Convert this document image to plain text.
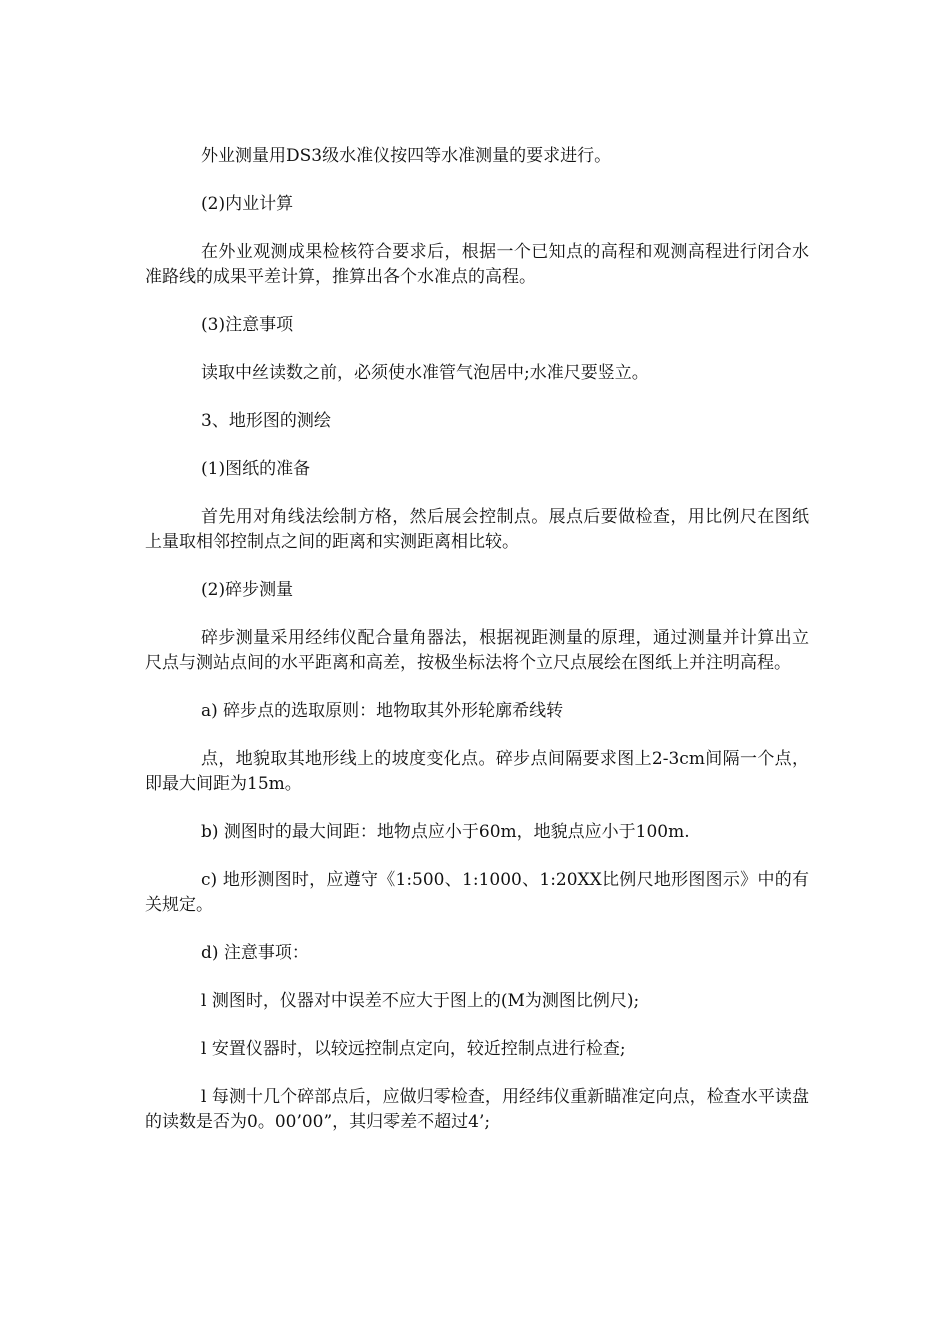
外业测量用DS3级水准仪按四等水准测量的要求进行。

(2)内业计算

在外业观测成果检核符合要求后，根据一个已知点的高程和观测高程进行闭合水准路线的成果平差计算，推算出各个水准点的高程。

(3)注意事项

读取中丝读数之前，必须使水准管气泡居中;水准尺要竖立。

3、地形图的测绘

(1)图纸的准备

首先用对角线法绘制方格，然后展会控制点。展点后要做检查，用比例尺在图纸上量取相邻控制点之间的距离和实测距离相比较。

(2)碎步测量

碎步测量采用经纬仪配合量角器法，根据视距测量的原理，通过测量并计算出立尺点与测站点间的水平距离和高差，按极坐标法将个立尺点展绘在图纸上并注明高程。

a) 碎步点的选取原则：地物取其外形轮廓希线转

点，地貌取其地形线上的坡度变化点。碎步点间隔要求图上2-3cm间隔一个点，即最大间距为15m。

b) 测图时的最大间距：地物点应小于60m，地貌点应小于100m.

c) 地形测图时，应遵守《1:500、1:1000、1:20XX比例尺地形图图示》中的有关规定。

d) 注意事项：

l 测图时，仪器对中误差不应大于图上的(M为测图比例尺);

l 安置仪器时，以较远控制点定向，较近控制点进行检查;

l 每测十几个碎部点后，应做归零检查，用经纬仪重新瞄准定向点，检查水平读盘的读数是否为0。00’00”，其归零差不超过4’;
